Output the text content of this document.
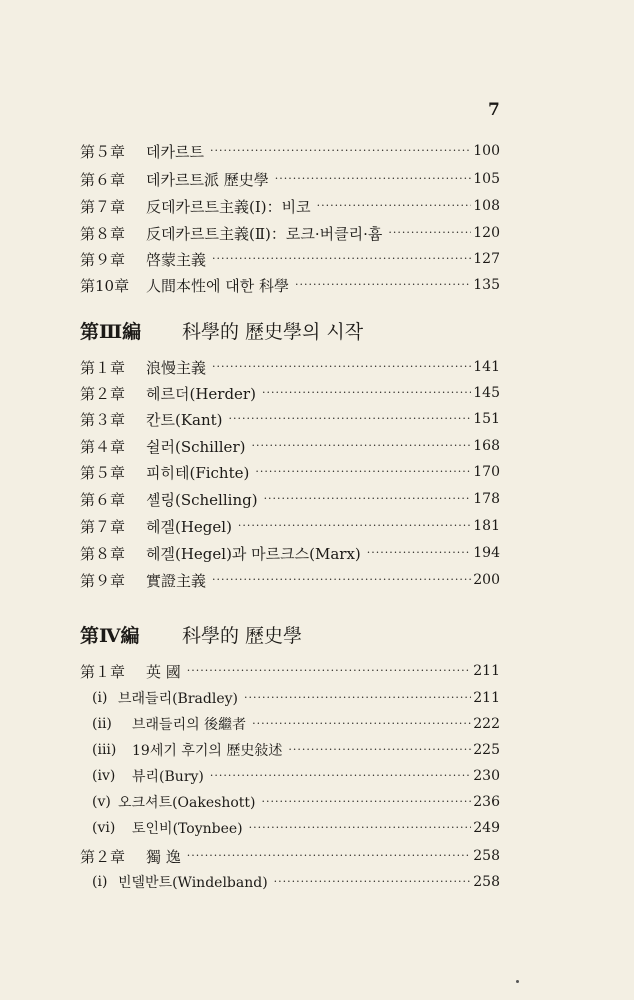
7
第５章	데카르트 ·····	100
第６章	데카르트派 歷史學 ·····	105
第７章	反데카르트主義(Ⅰ)：비코 ·····	108
第８章	反데카르트主義(Ⅱ)：로크·버클리·흄 ·····	120
第９章	啓蒙主義 ·····	127
第10章	人間本性에 대한 科學 ·····	135
第Ⅲ編	科學的 歷史學의 시작
第１章	浪慢主義 ·····	141
第２章	헤르더(Herder) ·····	145
第３章	칸트(Kant) ·····	151
第４章	쉴러(Schiller) ·····	168
第５章	피히테(Fichte) ·····	170
第６章	셸링(Schelling) ·····	178
第７章	헤겔(Hegel) ·····	181
第８章	헤겔(Hegel)과 마르크스(Marx) ·····	194
第９章	實證主義 ·····	200
第Ⅳ編	科學的 歷史學
第１章	英 國 ·····	211
(i) 브래들리(Bradley) ·····	211
(ii)	브래들리의 後繼者 ·····	222
(iii)	19세기 후기의 歷史敍述 ·····	225
(iv)	뷰리(Bury) ·····	230
(v) 오크셔트(Oakeshott) ·····	236
(vi)	토인비(Toynbee) ·····	249
第２章	獨 逸 ·····	258
(i) 빈델반트(Windelband) ·····	258
